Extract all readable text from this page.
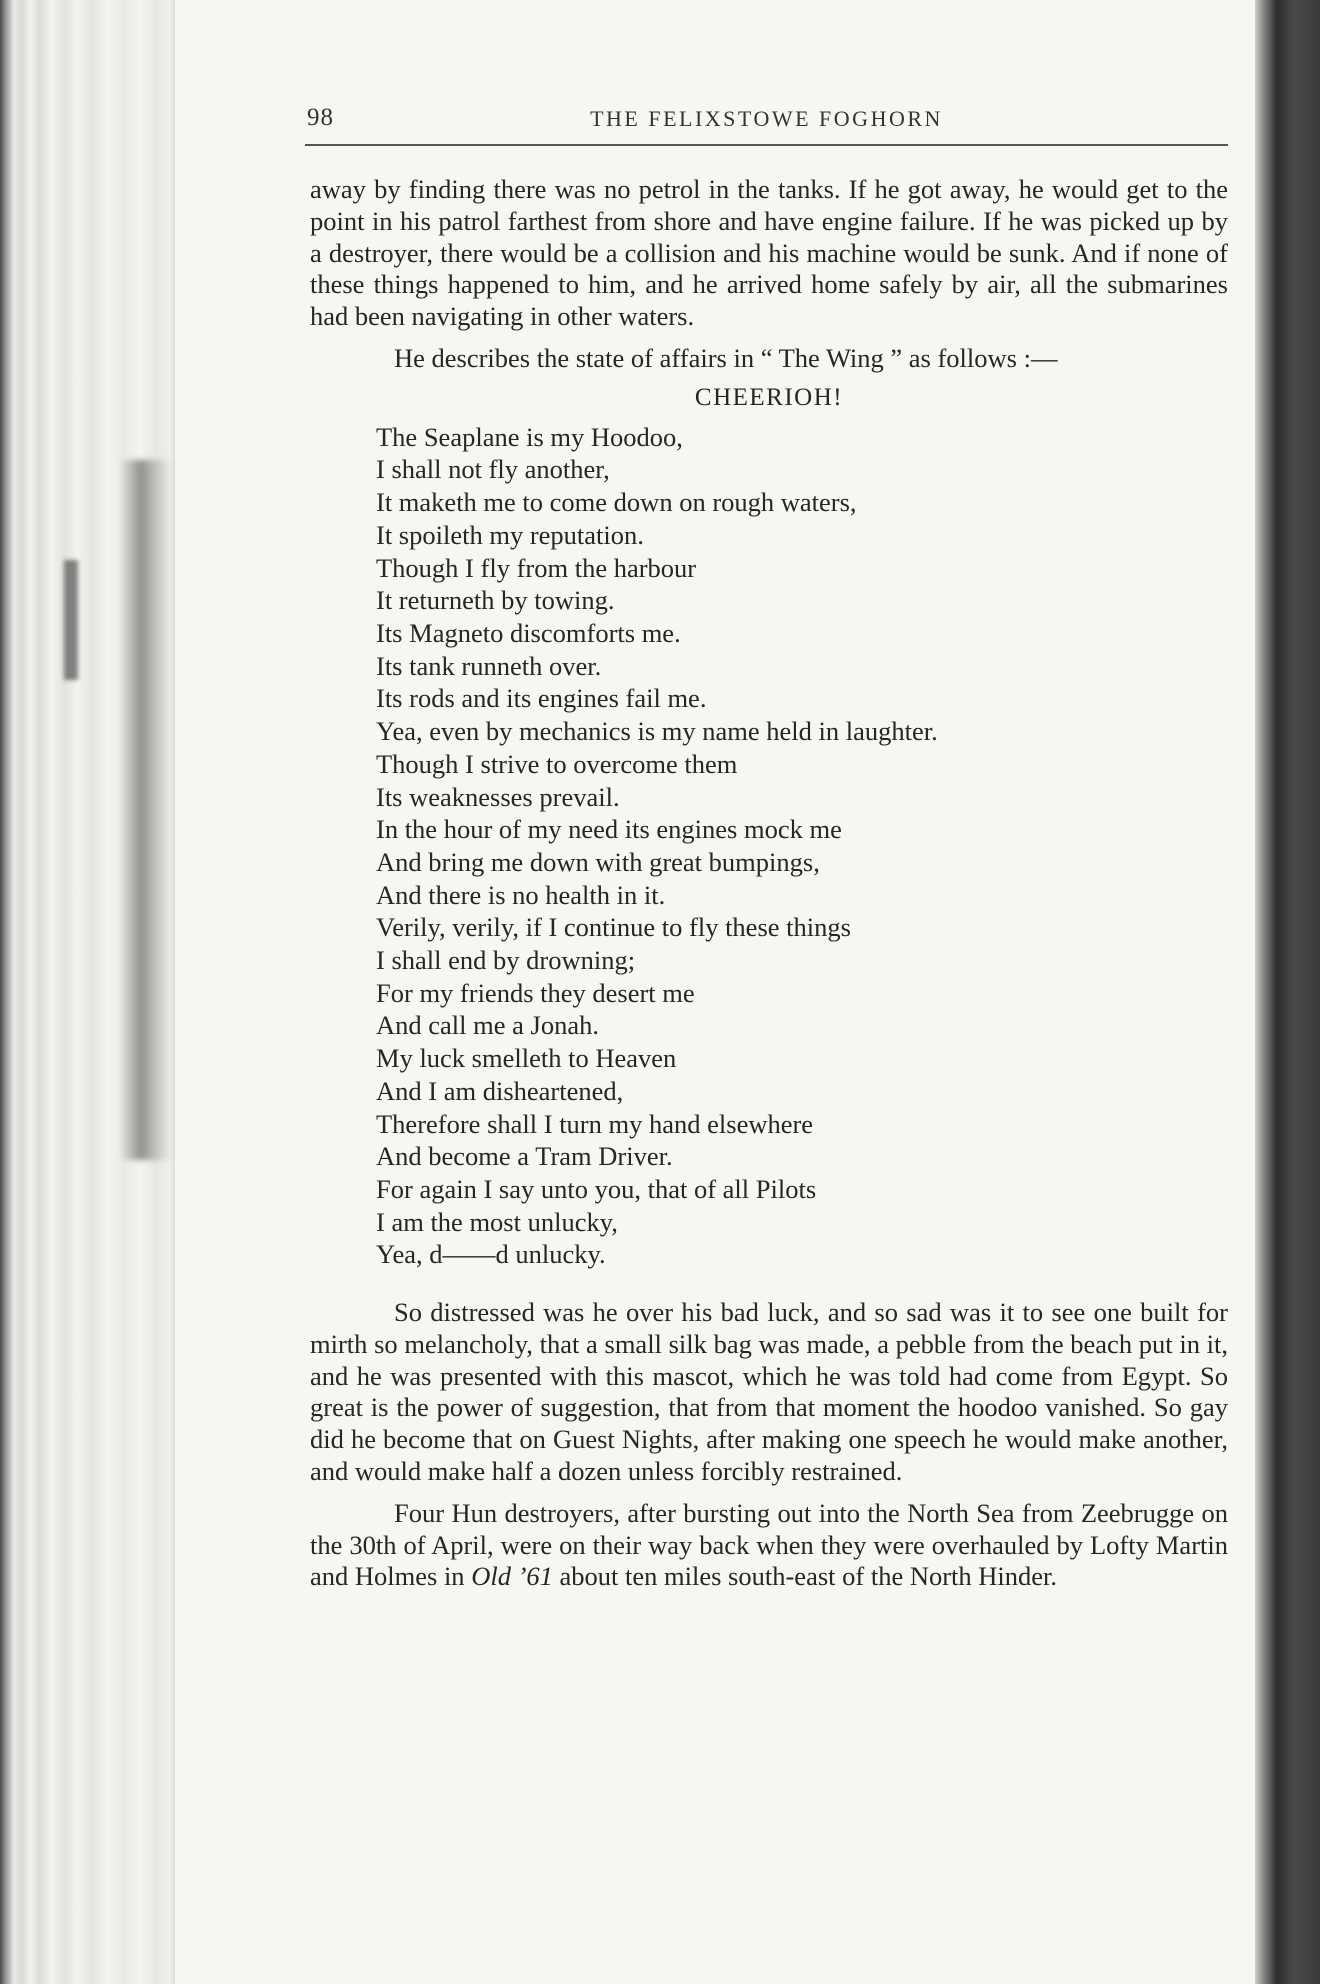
98	THE FELIXSTOWE FOGHORN

away by finding there was no petrol in the tanks. If he got away, he would get to the point in his patrol farthest from shore and have engine failure. If he was picked up by a destroyer, there would be a collision and his machine would be sunk. And if none of these things happened to him, and he arrived home safely by air, all the submarines had been navigating in other waters.

He describes the state of affairs in “ The Wing ” as follows :—

CHEERIOH!
The Seaplane is my Hoodoo,
I shall not fly another,
It maketh me to come down on rough waters,
It spoileth my reputation.
Though I fly from the harbour
It returneth by towing.
Its Magneto discomforts me.
Its tank runneth over.
Its rods and its engines fail me.
Yea, even by mechanics is my name held in laughter.
Though I strive to overcome them
Its weaknesses prevail.
In the hour of my need its engines mock me
And bring me down with great bumpings,
And there is no health in it.
Verily, verily, if I continue to fly these things
I shall end by drowning;
For my friends they desert me
And call me a Jonah.
My luck smelleth to Heaven
And I am disheartened,
Therefore shall I turn my hand elsewhere
And become a Tram Driver.
For again I say unto you, that of all Pilots
I am the most unlucky,
Yea, d——d unlucky.

So distressed was he over his bad luck, and so sad was it to see one built for mirth so melancholy, that a small silk bag was made, a pebble from the beach put in it, and he was presented with this mascot, which he was told had come from Egypt. So great is the power of suggestion, that from that moment the hoodoo vanished. So gay did he become that on Guest Nights, after making one speech he would make another, and would make half a dozen unless forcibly restrained.

Four Hun destroyers, after bursting out into the North Sea from Zeebrugge on the 30th of April, were on their way back when they were overhauled by Lofty Martin and Holmes in Old ’61 about ten miles south-east of the North Hinder.
